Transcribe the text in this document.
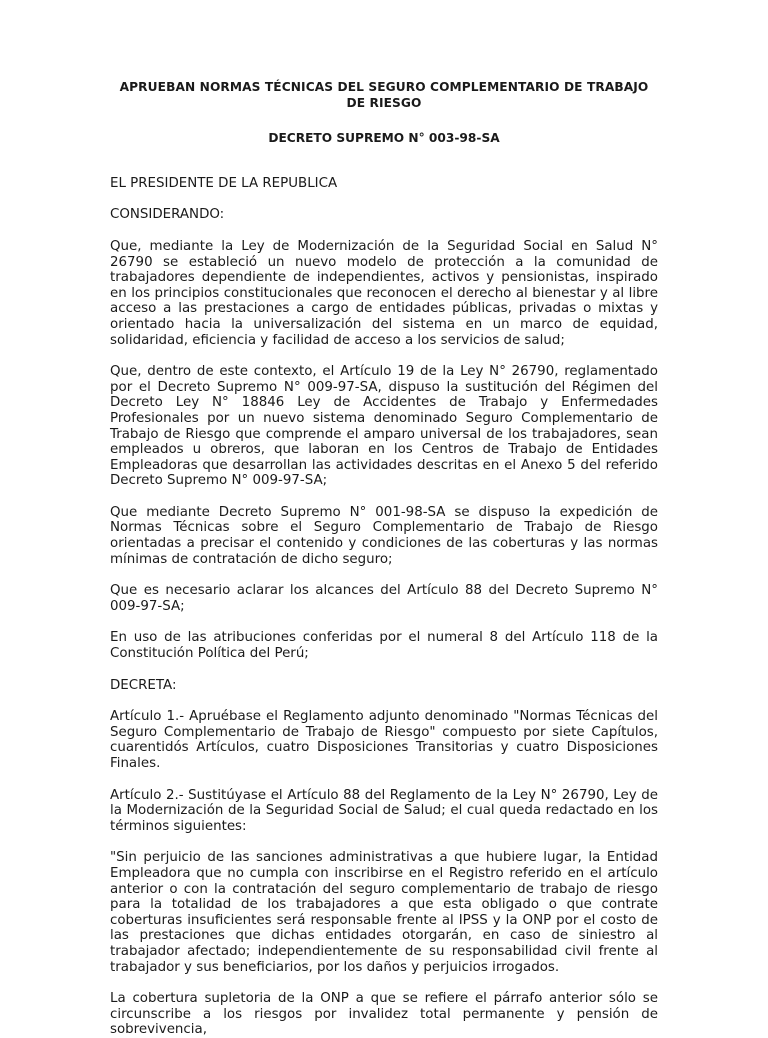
APRUEBAN NORMAS TÉCNICAS DEL SEGURO COMPLEMENTARIO DE TRABAJO DE RIESGO

DECRETO SUPREMO N° 003-98-SA

EL PRESIDENTE DE LA REPUBLICA

CONSIDERANDO:

Que, mediante la Ley de Modernización de la Seguridad Social en Salud N° 26790 se estableció un nuevo modelo de protección a la comunidad de trabajadores dependiente de independientes, activos y pensionistas, inspirado en los principios constitucionales que reconocen el derecho al bienestar y al libre acceso a las prestaciones a cargo de entidades públicas, privadas o mixtas y orientado hacia la universalización del sistema en un marco de equidad, solidaridad, eficiencia y facilidad de acceso a los servicios de salud;

Que, dentro de este contexto, el Artículo 19 de la Ley N° 26790, reglamentado por el Decreto Supremo N° 009-97-SA, dispuso la sustitución del Régimen del Decreto Ley N° 18846 Ley de Accidentes de Trabajo y Enfermedades Profesionales por un nuevo sistema denominado Seguro Complementario de Trabajo de Riesgo que comprende el amparo universal de los trabajadores, sean empleados u obreros, que laboran en los Centros de Trabajo de Entidades Empleadoras que desarrollan las actividades descritas en el Anexo 5 del referido Decreto Supremo N° 009-97-SA;

Que mediante Decreto Supremo N° 001-98-SA se dispuso la expedición de Normas Técnicas sobre el Seguro Complementario de Trabajo de Riesgo orientadas a precisar el contenido y condiciones de las coberturas y las normas mínimas de contratación de dicho seguro;

Que es necesario aclarar los alcances del Artículo 88 del Decreto Supremo N° 009-97-SA;

En uso de las atribuciones conferidas por el numeral 8 del Artículo 118 de la Constitución Política del Perú;

DECRETA:

Artículo 1.- Apruébase el Reglamento adjunto denominado "Normas Técnicas del Seguro Complementario de Trabajo de Riesgo" compuesto por siete Capítulos, cuarentidós Artículos, cuatro Disposiciones Transitorias y cuatro Disposiciones Finales.

Artículo 2.- Sustitúyase el Artículo 88 del Reglamento de la Ley N° 26790, Ley de la Modernización de la Seguridad Social de Salud; el cual queda redactado en los términos siguientes:

"Sin perjuicio de las sanciones administrativas a que hubiere lugar, la Entidad Empleadora que no cumpla con inscribirse en el Registro referido en el artículo anterior o con la contratación del seguro complementario de trabajo de riesgo para la totalidad de los trabajadores a que esta obligado o que contrate coberturas insuficientes será responsable frente al IPSS y la ONP por el costo de las prestaciones que dichas entidades otorgarán, en caso de siniestro al trabajador afectado; independientemente de su responsabilidad civil frente al trabajador y sus beneficiarios, por los daños y perjuicios irrogados.

La cobertura supletoria de la ONP a que se refiere el párrafo anterior sólo se circunscribe a los riesgos por invalidez total permanente y pensión de sobrevivencia,
